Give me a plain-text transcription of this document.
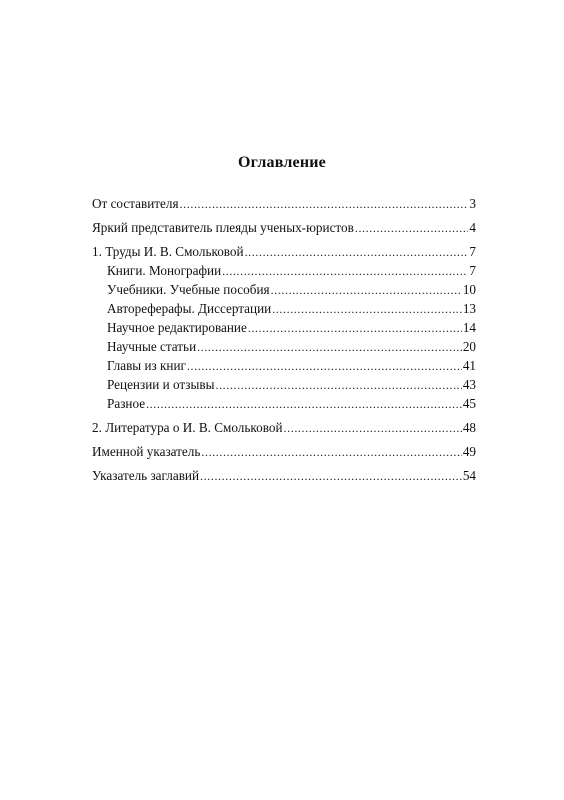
Оглавление
От составителя .....	3
Яркий представитель плеяды ученых-юристов .....	4
1. Труды И. В. Смольковой .....	7
Книги. Монографии .....	7
Учебники. Учебные пособия .....	10
Автореферафы. Диссертации .....	13
Научное редактирование .....	14
Научные статьи .....	20
Главы из книг .....	41
Рецензии и отзывы .....	43
Разное .....	45
2. Литература о И. В. Смольковой .....	48
Именной указатель .....	49
Указатель заглавий .....	54
